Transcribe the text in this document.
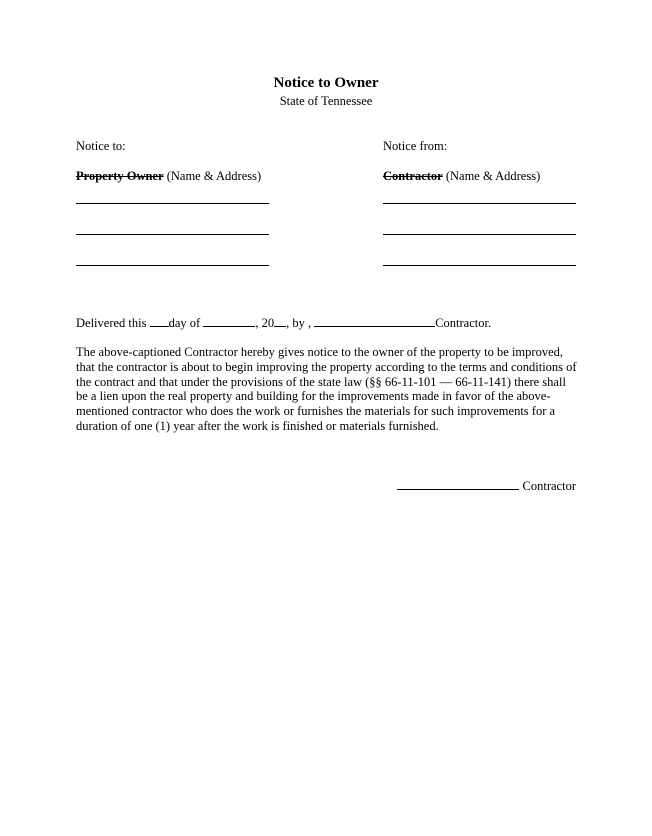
Notice to Owner
State of Tennessee
Notice to:
Property Owner (Name & Address)
Notice from:
Contractor (Name & Address)
Delivered this day of	, 20 , by ,	Contractor.
The above-captioned Contractor hereby gives notice to the owner of the property to be improved, that the contractor is about to begin improving the property according to the terms and conditions of the contract and that under the provisions of the state law (§§ 66-11-101 — 66-11-141) there shall be a lien upon the real property and building for the improvements made in favor of the above-mentioned contractor who does the work or furnishes the materials for such improvements for a duration of one (1) year after the work is finished or materials furnished.
Contractor
